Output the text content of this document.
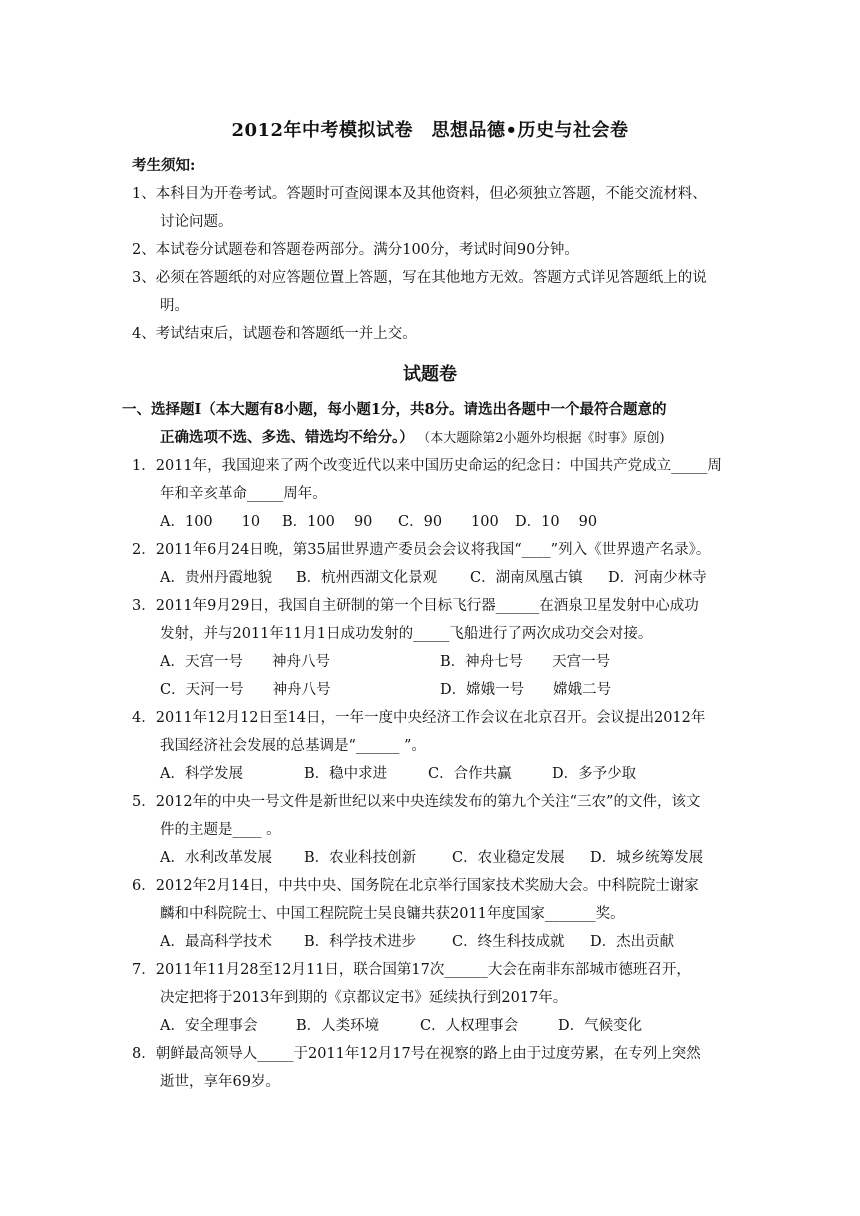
2012年中考模拟试卷　思想品德•历史与社会卷
考生须知:
1、本科目为开卷考试。答题时可查阅课本及其他资料，但必须独立答题，不能交流材料、
讨论问题。
2、本试卷分试题卷和答题卷两部分。满分100分，考试时间90分钟。
3、必须在答题纸的对应答题位置上答题，写在其他地方无效。答题方式详见答题纸上的说
明。
4、考试结束后，试题卷和答题纸一并上交。
试题卷
一、选择题Ⅰ（本大题有8小题，每小题1分，共8分。请选出各题中一个最符合题意的
正确选项不选、多选、错选均不给分。） （本大题除第2小题外均根据《时事》原创)
1．2011年，我国迎来了两个改变近代以来中国历史命运的纪念日：中国共产党成立_____周
年和辛亥革命_____周年。
A．100　　10 B．100　 90 C．90　　100 D．10　 90
2．2011年6月24日晚，第35届世界遗产委员会会议将我国“____”列入《世界遗产名录》。
A．贵州丹霞地貌 B．杭州西湖文化景观 C．湖南凤凰古镇 D．河南少林寺
3．2011年9月29日，我国自主研制的第一个目标飞行器______在酒泉卫星发射中心成功
发射，并与2011年11月1日成功发射的_____飞船进行了两次成功交会对接。
A．天宫一号　　神舟八号	B．神舟七号　　天宫一号
C．天河一号　　神舟八号	D．嫦娥一号　　嫦娥二号
4．2011年12月12日至14日，一年一度中央经济工作会议在北京召开。会议提出2012年
我国经济社会发展的总基调是“______ ”。
A．科学发展	B．稳中求进	C．合作共赢	D．多予少取
5．2012年的中央一号文件是新世纪以来中央连续发布的第九个关注“三农”的文件，该文
件的主题是____ 。
A．水利改革发展 B．农业科技创新 C．农业稳定发展 D．城乡统筹发展
6．2012年2月14日，中共中央、国务院在北京举行国家技术奖励大会。中科院院士谢家
麟和中科院院士、中国工程院院士吴良镛共获2011年度国家_______奖。
A．最高科学技术 B．科学技术进步 C．终生科技成就 D．杰出贡献
7．2011年11月28至12月11日，联合国第17次______大会在南非东部城市德班召开，
决定把将于2013年到期的《京都议定书》延续执行到2017年。
A．安全理事会	B．人类环境	C．人权理事会	D．气候变化
8．朝鲜最高领导人_____于2011年12月17号在视察的路上由于过度劳累，在专列上突然
逝世，享年69岁。
